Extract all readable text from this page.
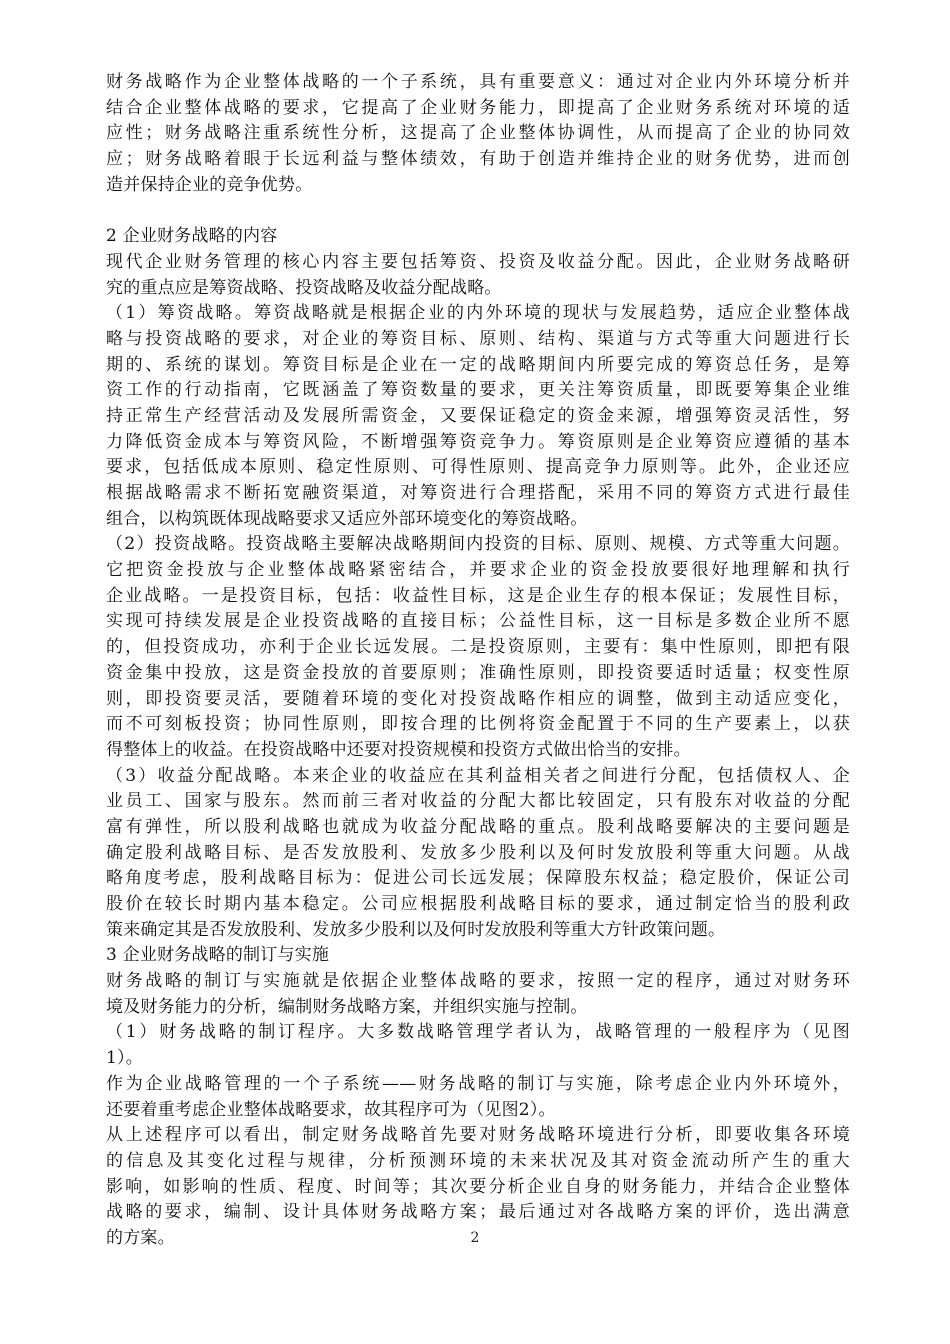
财务战略作为企业整体战略的一个子系统，具有重要意义：通过对企业内外环境分析并
结合企业整体战略的要求，它提高了企业财务能力，即提高了企业财务系统对环境的适
应性；财务战略注重系统性分析，这提高了企业整体协调性，从而提高了企业的协同效
应；财务战略着眼于长远利益与整体绩效，有助于创造并维持企业的财务优势，进而创
造并保持企业的竞争优势。
2 企业财务战略的内容
现代企业财务管理的核心内容主要包括筹资、投资及收益分配。因此，企业财务战略研
究的重点应是筹资战略、投资战略及收益分配战略。
（1）筹资战略。筹资战略就是根据企业的内外环境的现状与发展趋势，适应企业整体战
略与投资战略的要求，对企业的筹资目标、原则、结构、渠道与方式等重大问题进行长
期的、系统的谋划。筹资目标是企业在一定的战略期间内所要完成的筹资总任务，是筹
资工作的行动指南，它既涵盖了筹资数量的要求，更关注筹资质量，即既要筹集企业维
持正常生产经营活动及发展所需资金，又要保证稳定的资金来源，增强筹资灵活性，努
力降低资金成本与筹资风险，不断增强筹资竞争力。筹资原则是企业筹资应遵循的基本
要求，包括低成本原则、稳定性原则、可得性原则、提高竞争力原则等。此外，企业还应
根据战略需求不断拓宽融资渠道，对筹资进行合理搭配，采用不同的筹资方式进行最佳
组合，以构筑既体现战略要求又适应外部环境变化的筹资战略。
（2）投资战略。投资战略主要解决战略期间内投资的目标、原则、规模、方式等重大问题。
它把资金投放与企业整体战略紧密结合，并要求企业的资金投放要很好地理解和执行
企业战略。一是投资目标，包括：收益性目标，这是企业生存的根本保证；发展性目标，
实现可持续发展是企业投资战略的直接目标；公益性目标，这一目标是多数企业所不愿
的，但投资成功，亦利于企业长远发展。二是投资原则，主要有：集中性原则，即把有限
资金集中投放，这是资金投放的首要原则；准确性原则，即投资要适时适量；权变性原
则，即投资要灵活，要随着环境的变化对投资战略作相应的调整，做到主动适应变化，
而不可刻板投资；协同性原则，即按合理的比例将资金配置于不同的生产要素上，以获
得整体上的收益。在投资战略中还要对投资规模和投资方式做出恰当的安排。
（3）收益分配战略。本来企业的收益应在其利益相关者之间进行分配，包括债权人、企
业员工、国家与股东。然而前三者对收益的分配大都比较固定，只有股东对收益的分配
富有弹性，所以股利战略也就成为收益分配战略的重点。股利战略要解决的主要问题是
确定股利战略目标、是否发放股利、发放多少股利以及何时发放股利等重大问题。从战
略角度考虑，股利战略目标为：促进公司长远发展；保障股东权益；稳定股价，保证公司
股价在较长时期内基本稳定。公司应根据股利战略目标的要求，通过制定恰当的股利政
策来确定其是否发放股利、发放多少股利以及何时发放股利等重大方针政策问题。
3 企业财务战略的制订与实施
财务战略的制订与实施就是依据企业整体战略的要求，按照一定的程序，通过对财务环
境及财务能力的分析，编制财务战略方案，并组织实施与控制。
（1）财务战略的制订程序。大多数战略管理学者认为，战略管理的一般程序为（见图
1）。
作为企业战略管理的一个子系统——财务战略的制订与实施，除考虑企业内外环境外，
还要着重考虑企业整体战略要求，故其程序可为（见图2）。
从上述程序可以看出，制定财务战略首先要对财务战略环境进行分析，即要收集各环境
的信息及其变化过程与规律，分析预测环境的未来状况及其对资金流动所产生的重大
影响，如影响的性质、程度、时间等；其次要分析企业自身的财务能力，并结合企业整体
战略的要求，编制、设计具体财务战略方案；最后通过对各战略方案的评价，选出满意
的方案。	2
